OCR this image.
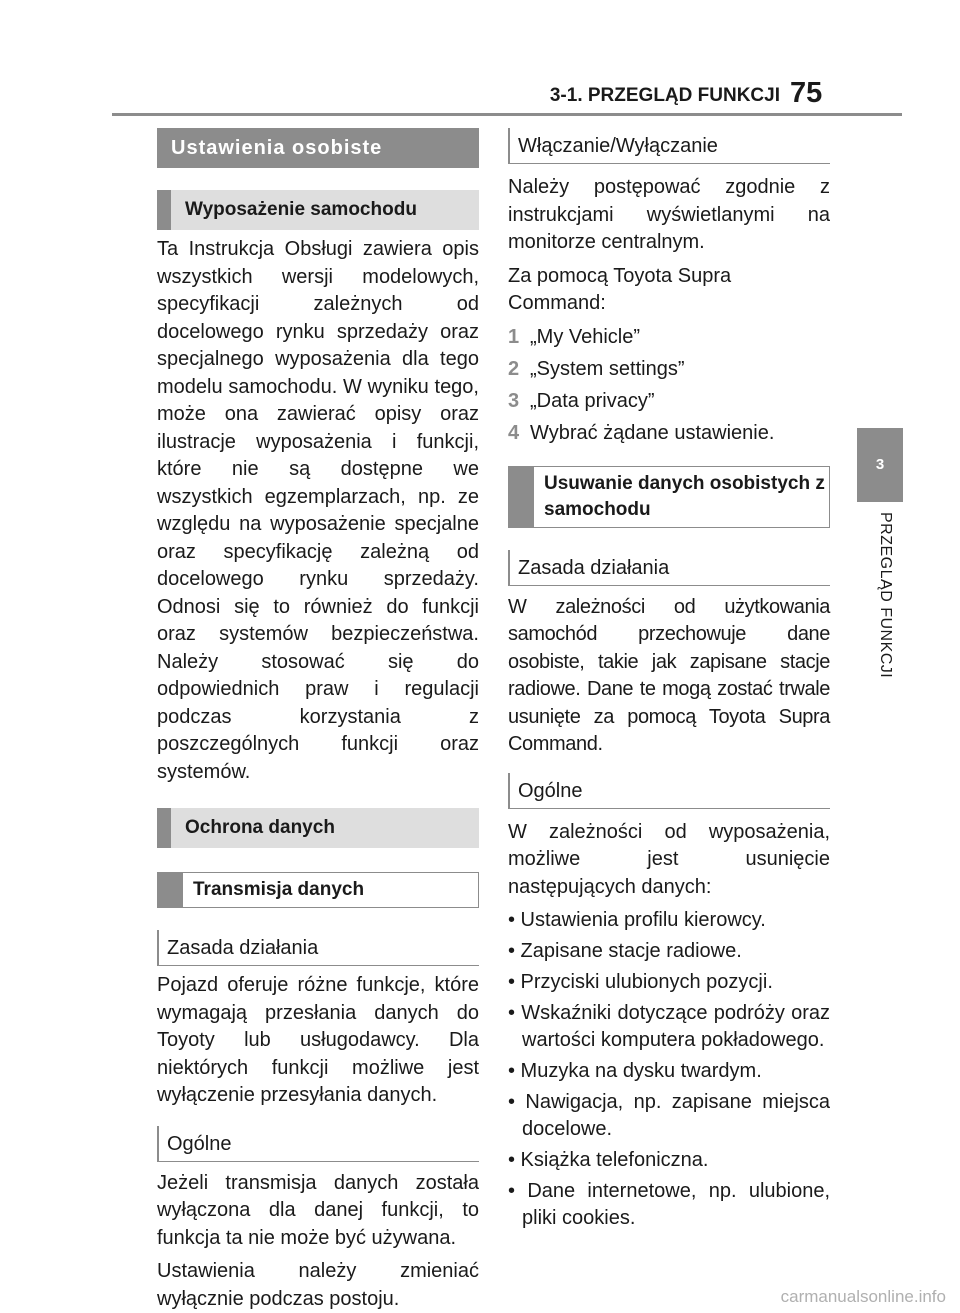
3-1. PRZEGLĄD FUNKCJI 75
3
PRZEGLĄD FUNKCJI
Ustawienia osobiste
Wyposażenie samochodu

Ta Instrukcja Obsługi zawiera opis wszystkich wersji modelowych, specyfikacji zależnych od docelowego rynku sprzedaży oraz specjalnego wyposażenia dla tego modelu samochodu. W wyniku tego, może ona zawierać opisy oraz ilustracje wyposażenia i funkcji, które nie są dostępne we wszystkich egzemplarzach, np. ze względu na wyposażenie specjalne oraz specyfikację zależną od docelowego rynku sprzedaży. Odnosi się to również do funkcji oraz systemów bezpieczeństwa. Należy stosować się do odpowiednich praw i regulacji podczas korzystania z poszczególnych funkcji oraz systemów.

Ochrona danych
Transmisja danych
Zasada działania

Pojazd oferuje różne funkcje, które wymagają przesłania danych do Toyoty lub usługodawcy. Dla niektórych funkcji możliwe jest wyłączenie przesyłania danych.

Ogólne

Jeżeli transmisja danych została wyłączona dla danej funkcji, to funkcja ta nie może być używana.

Ustawienia należy zmieniać wyłącznie podczas postoju.

Włączanie/Wyłączanie

Należy postępować zgodnie z instrukcjami wyświetlanymi na monitorze centralnym.

Za pomocą Toyota Supra Command:

1 „My Vehicle”
2 „System settings”
3 „Data privacy”
4 Wybrać żądane ustawienie.
Usuwanie danych osobistych z samochodu
Zasada działania

W zależności od użytkowania samochód przechowuje dane osobiste, takie jak zapisane stacje radiowe. Dane te mogą zostać trwale usunięte za pomocą Toyota Supra Command.

Ogólne

W zależności od wyposażenia, możliwe jest usunięcie następujących danych:

• Ustawienia profilu kierowcy.
• Zapisane stacje radiowe.
• Przyciski ulubionych pozycji.
• Wskaźniki dotyczące podróży oraz wartości komputera pokładowego.
• Muzyka na dysku twardym.
• Nawigacja, np. zapisane miejsca docelowe.
• Książka telefoniczna.
• Dane internetowe, np. ulubione, pliki cookies.
carmanualsonline.info
